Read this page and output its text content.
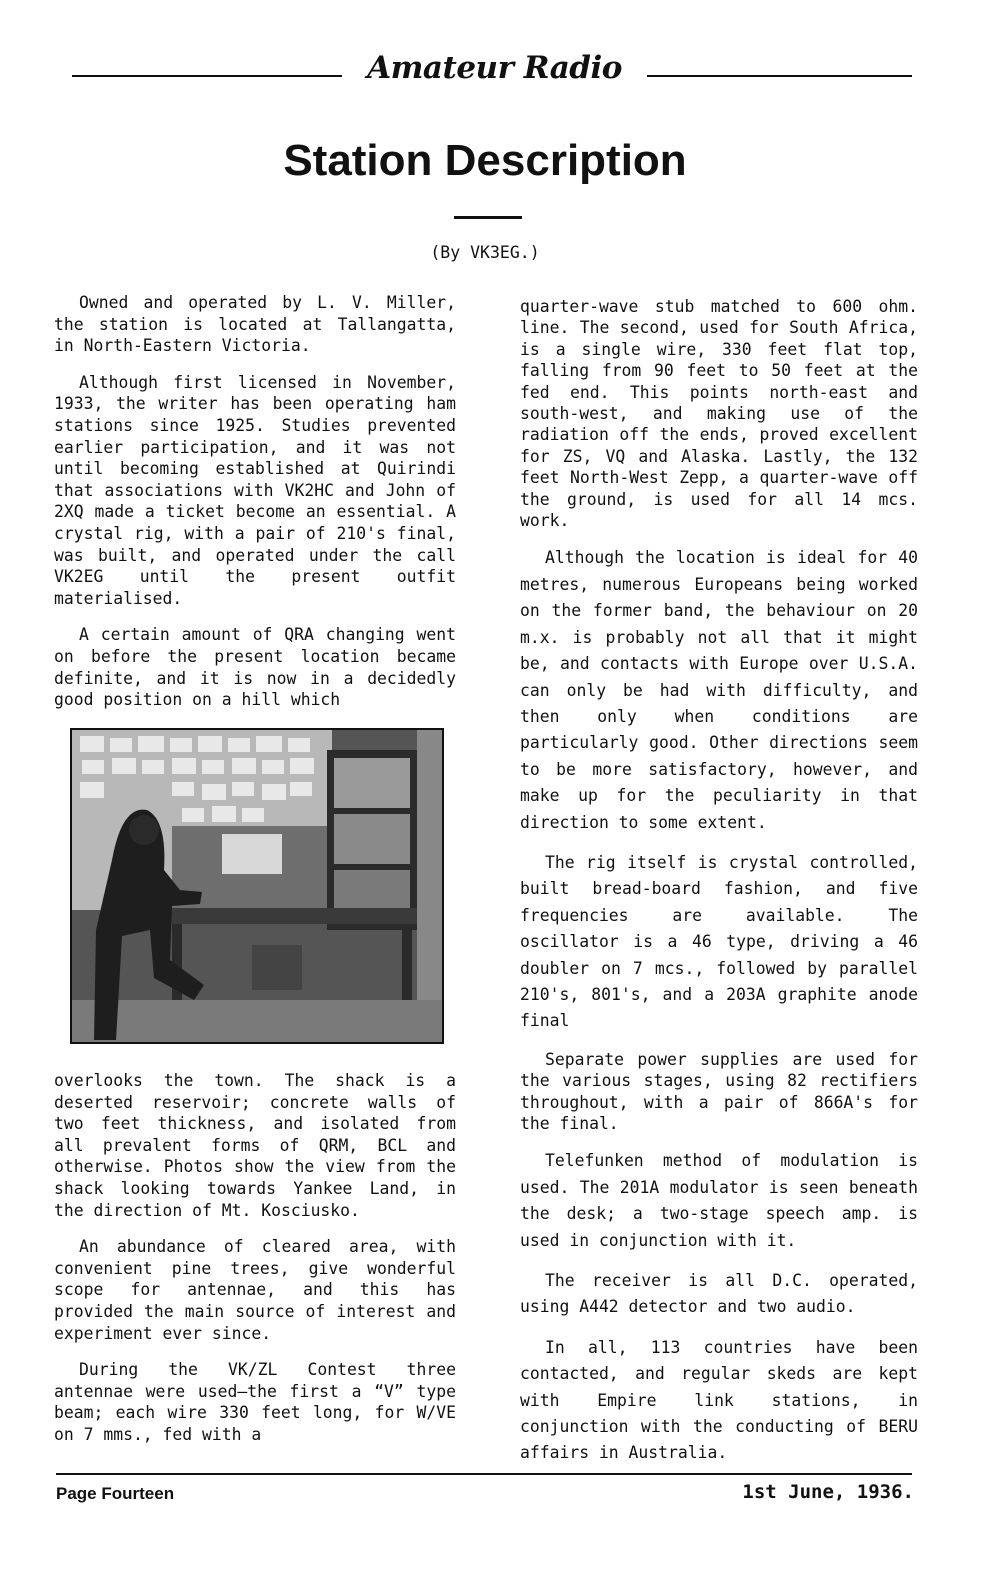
Amateur Radio
Station Description
(By VK3EG.)

Owned and operated by L. V. Miller, the station is located at Tallangatta, in North-Eastern Victoria.

Although first licensed in November, 1933, the writer has been operating ham stations since 1925. Studies prevented earlier participation, and it was not until becoming established at Quirindi that associations with VK2HC and John of 2XQ made a ticket become an essential. A crystal rig, with a pair of 210's final, was built, and operated under the call VK2EG until the present outfit materialised.

A certain amount of QRA changing went on before the present location became definite, and it is now in a decidedly good position on a hill which

overlooks the town. The shack is a deserted reservoir; concrete walls of two feet thickness, and isolated from all prevalent forms of QRM, BCL and otherwise. Photos show the view from the shack looking towards Yankee Land, in the direction of Mt. Kosciusko.

An abundance of cleared area, with convenient pine trees, give wonderful scope for antennae, and this has provided the main source of interest and experiment ever since.

During the VK/ZL Contest three antennae were used—the first a “V” type beam; each wire 330 feet long, for W/VE on 7 mms., fed with a

quarter-wave stub matched to 600 ohm. line. The second, used for South Africa, is a single wire, 330 feet flat top, falling from 90 feet to 50 feet at the fed end. This points north-east and south-west, and making use of the radiation off the ends, proved excellent for ZS, VQ and Alaska. Lastly, the 132 feet North-West Zepp, a quarter-wave off the ground, is used for all 14 mcs. work.

Although the location is ideal for 40 metres, numerous Europeans being worked on the former band, the behaviour on 20 m.x. is probably not all that it might be, and contacts with Europe over U.S.A. can only be had with difficulty, and then only when conditions are particularly good. Other directions seem to be more satisfactory, however, and make up for the peculiarity in that direction to some extent.

The rig itself is crystal controlled, built bread-board fashion, and five frequencies are available. The oscillator is a 46 type, driving a 46 doubler on 7 mcs., followed by parallel 210's, 801's, and a 203A graphite anode final

Separate power supplies are used for the various stages, using 82 rectifiers throughout, with a pair of 866A's for the final.

Telefunken method of modulation is used. The 201A modulator is seen beneath the desk; a two-stage speech amp. is used in conjunction with it.

The receiver is all D.C. operated, using A442 detector and two audio.

In all, 113 countries have been contacted, and regular skeds are kept with Empire link stations, in conjunction with the conducting of BERU affairs in Australia.

Page Fourteen	1st June, 1936.
